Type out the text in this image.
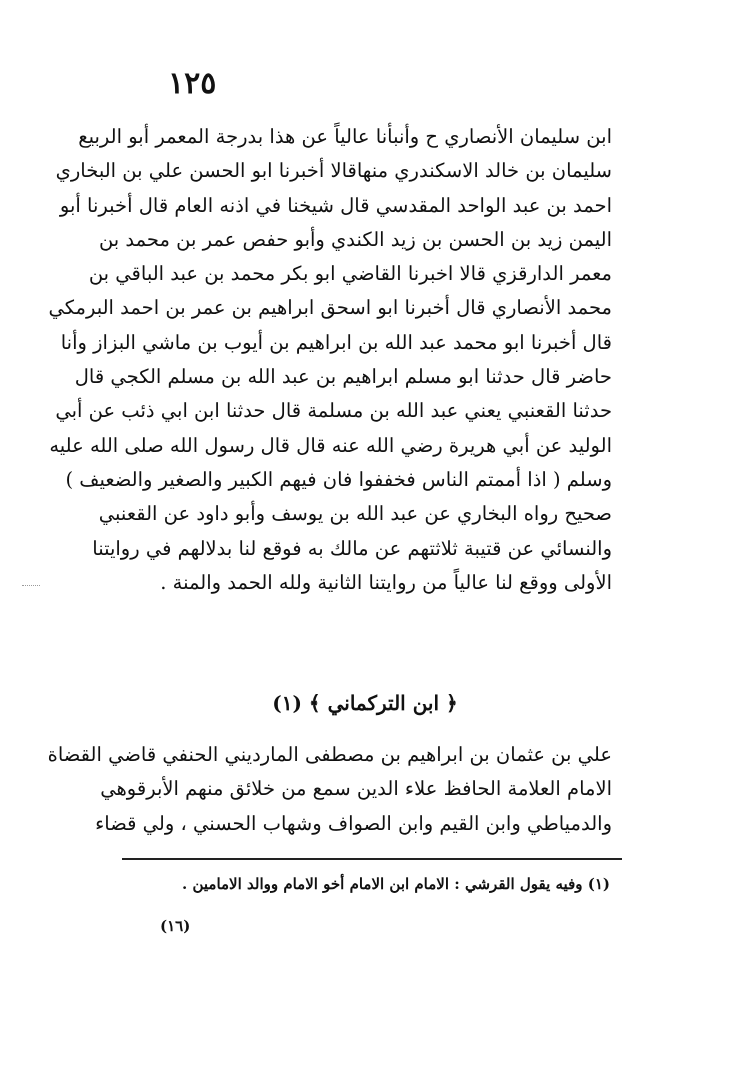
١٢٥
ابن سليمان الأنصاري ح وأنبأنا عالياً عن هذا بدرجة المعمر أبو الربيع
سليمان بن خالد الاسكندري منهاقالا أخبرنا ابو الحسن علي بن البخاري
احمد بن عبد الواحد المقدسي قال شيخنا في اذنه العام قال أخبرنا أبو
اليمن زيد بن الحسن بن زيد الكندي وأبو حفص عمر بن محمد بن
معمر الدارقزي قالا اخبرنا القاضي ابو بكر محمد بن عبد الباقي بن
محمد الأنصاري قال أخبرنا ابو اسحق ابراهيم بن عمر بن احمد البرمكي
قال أخبرنا ابو محمد عبد الله بن ابراهيم بن أيوب بن ماشي البزاز وأنا
حاضر قال حدثنا ابو مسلم ابراهيم بن عبد الله بن مسلم الكجي قال
حدثنا القعنبي يعني عبد الله بن مسلمة قال حدثنا ابن ابي ذئب عن أبي
الوليد عن أبي هريرة رضي الله عنه قال قال رسول الله صلى الله عليه
وسلم ( اذا أممتم الناس فخففوا فان فيهم الكبير والصغير والضعيف )
صحيح رواه البخاري عن عبد الله بن يوسف وأبو داود عن القعنبي
والنسائي عن قتيبة ثلاثتهم عن مالك به فوقع لنا بدلالهم في روايتنا
الأولى ووقع لنا عالياً من روايتنا الثانية ولله الحمد والمنة .
﴿ ابن التركماني ﴾ (١)
علي بن عثمان بن ابراهيم بن مصطفى المارديني الحنفي قاضي القضاة
الامام العلامة الحافظ علاء الدين سمع من خلائق منهم الأبرقوهي
والدمياطي وابن القيم وابن الصواف وشهاب الحسني ، ولي قضاء
(١) وفيه يقول القرشي : الامام ابن الامام أخو الامام ووالد الامامين .
(١٦)
